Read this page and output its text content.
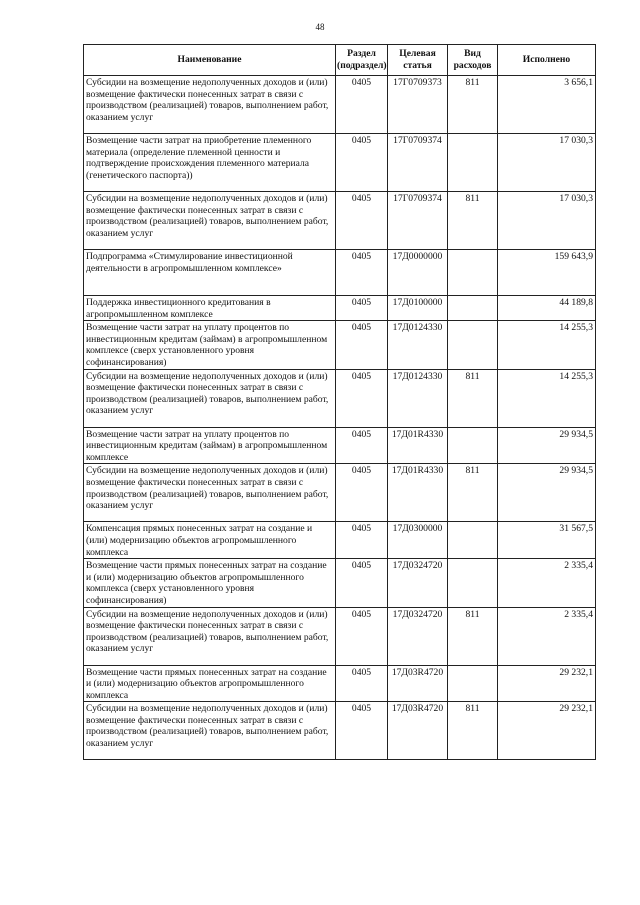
48
Наименование	Раздел (подраздел)	Целевая статья	Вид расходов	Исполнено
Субсидии на возмещение недополученных доходов и (или) возмещение фактически понесенных затрат в связи с производством (реализацией) товаров, выполнением работ, оказанием услуг	0405	17Г0709373	811	3 656,1
Возмещение части затрат на приобретение племенного материала (определение племенной ценности и подтверждение происхождения племенного материала (генетического паспорта))	0405	17Г0709374		17 030,3
Субсидии на возмещение недополученных доходов и (или) возмещение фактически понесенных затрат в связи с производством (реализацией) товаров, выполнением работ, оказанием услуг	0405	17Г0709374	811	17 030,3
Подпрограмма «Стимулирование инвестиционной деятельности в агропромышленном комплексе»	0405	17Д0000000		159 643,9
Поддержка инвестиционного кредитования в агропромышленном комплексе	0405	17Д0100000		44 189,8
Возмещение части затрат на уплату процентов по инвестиционным кредитам (займам) в агропромышленном комплексе (сверх установленного уровня софинансирования)	0405	17Д0124330		14 255,3
Субсидии на возмещение недополученных доходов и (или) возмещение фактически понесенных затрат в связи с производством (реализацией) товаров, выполнением работ, оказанием услуг	0405	17Д0124330	811	14 255,3
Возмещение части затрат на уплату процентов по инвестиционным кредитам (займам) в агропромышленном комплексе	0405	17Д01R4330		29 934,5
Субсидии на возмещение недополученных доходов и (или) возмещение фактически понесенных затрат в связи с производством (реализацией) товаров, выполнением работ, оказанием услуг	0405	17Д01R4330	811	29 934,5
Компенсация прямых понесенных затрат на создание и (или) модернизацию объектов агропромышленного комплекса	0405	17Д0300000		31 567,5
Возмещение части прямых понесенных затрат на создание и (или) модернизацию объектов агропромышленного комплекса (сверх установленного уровня софинансирования)	0405	17Д0324720		2 335,4
Субсидии на возмещение недополученных доходов и (или) возмещение фактически понесенных затрат в связи с производством (реализацией) товаров, выполнением работ, оказанием услуг	0405	17Д0324720	811	2 335,4
Возмещение части прямых понесенных затрат на создание и (или) модернизацию объектов агропромышленного комплекса	0405	17Д03R4720		29 232,1
Субсидии на возмещение недополученных доходов и (или) возмещение фактически понесенных затрат в связи с производством (реализацией) товаров, выполнением работ, оказанием услуг	0405	17Д03R4720	811	29 232,1
